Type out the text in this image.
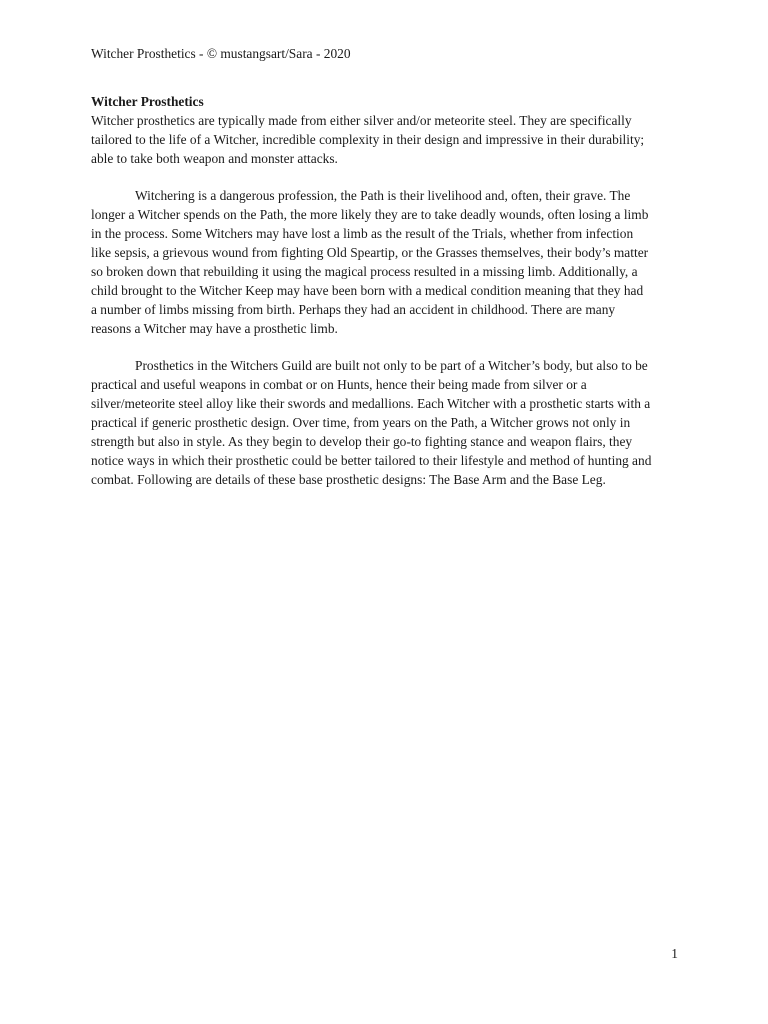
Witcher Prosthetics - © mustangsart/Sara - 2020

Witcher Prosthetics

Witcher prosthetics are typically made from either silver and/or meteorite steel. They are specifically
tailored to the life of a Witcher, incredible complexity in their design and impressive in their durability;
able to take both weapon and monster attacks.

Witchering is a dangerous profession, the Path is their livelihood and, often, their grave. The
longer a Witcher spends on the Path, the more likely they are to take deadly wounds, often losing a limb
in the process. Some Witchers may have lost a limb as the result of the Trials, whether from infection
like sepsis, a grievous wound from fighting Old Speartip, or the Grasses themselves, their body’s matter
so broken down that rebuilding it using the magical process resulted in a missing limb. Additionally, a
child brought to the Witcher Keep may have been born with a medical condition meaning that they had
a number of limbs missing from birth. Perhaps they had an accident in childhood. There are many
reasons a Witcher may have a prosthetic limb.

Prosthetics in the Witchers Guild are built not only to be part of a Witcher’s body, but also to be
practical and useful weapons in combat or on Hunts, hence their being made from silver or a
silver/meteorite steel alloy like their swords and medallions. Each Witcher with a prosthetic starts with a
practical if generic prosthetic design. Over time, from years on the Path, a Witcher grows not only in
strength but also in style. As they begin to develop their go-to fighting stance and weapon flairs, they
notice ways in which their prosthetic could be better tailored to their lifestyle and method of hunting and
combat. Following are details of these base prosthetic designs: The Base Arm and the Base Leg.

1
